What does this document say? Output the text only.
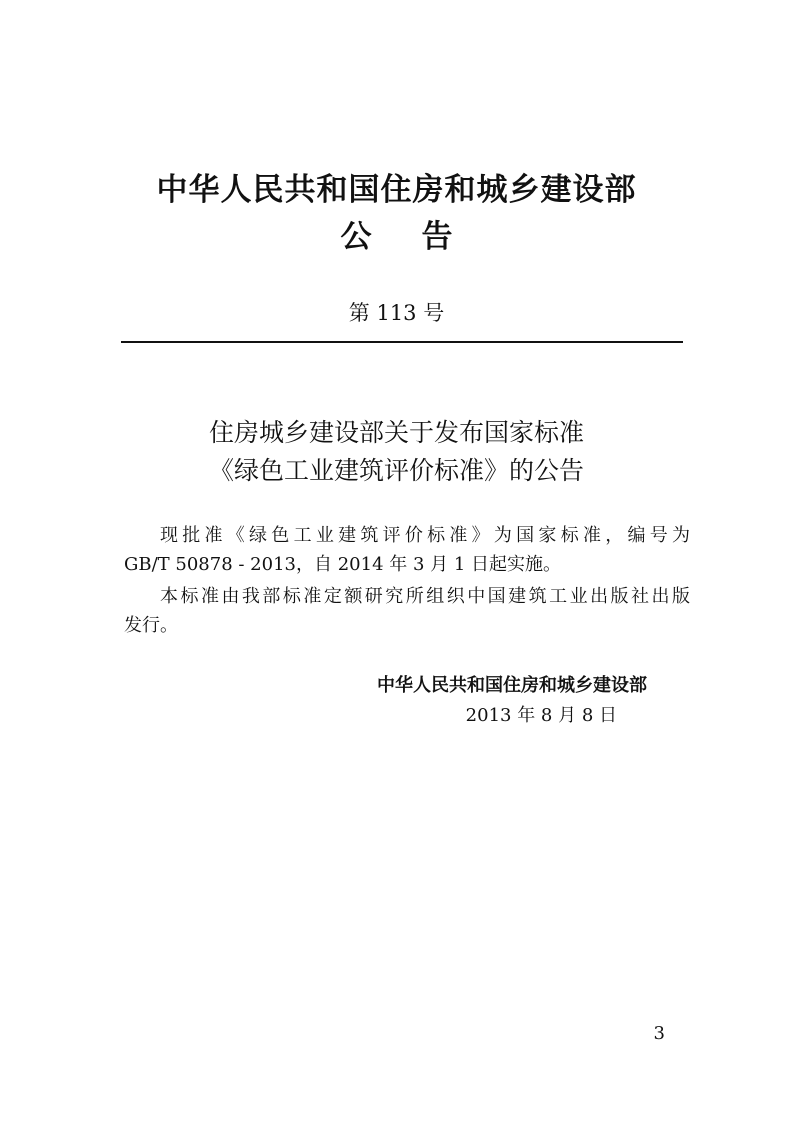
中华人民共和国住房和城乡建设部
公告
第 113 号
住房城乡建设部关于发布国家标准
《绿色工业建筑评价标准》的公告
现批准《绿色工业建筑评价标准》为国家标准，编号为
GB/T 50878 - 2013，自 2014 年 3 月 1 日起实施。
本标准由我部标准定额研究所组织中国建筑工业出版社出版
发行。
中华人民共和国住房和城乡建设部
2013 年 8 月 8 日
3
